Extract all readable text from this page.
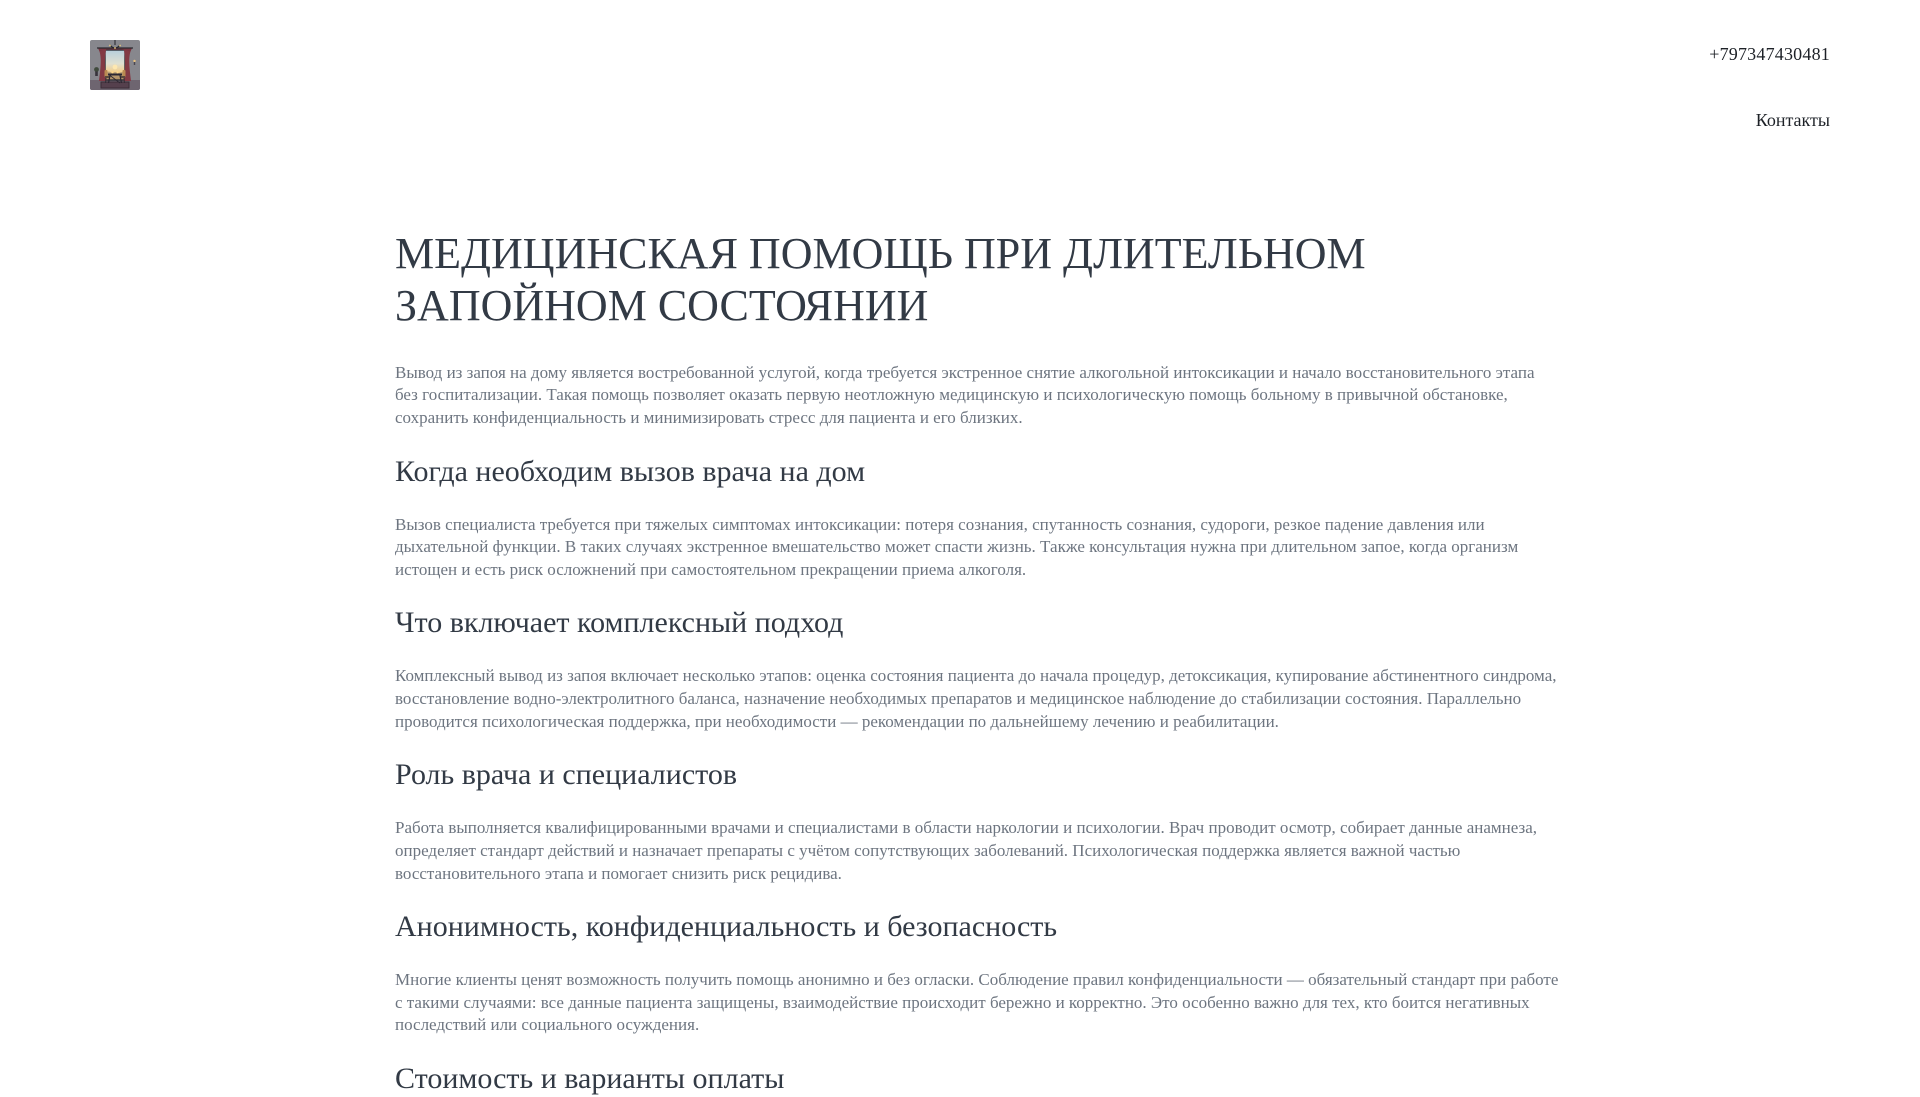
+797347430481
Контакты
МЕДИЦИНСКАЯ ПОМОЩЬ ПРИ ДЛИТЕЛЬНОМ ЗАПОЙНОМ СОСТОЯНИИ

Вывод из запоя на дому является востребованной услугой, когда требуется экстренное снятие алкогольной интоксикации и начало восстановительного этапа без госпитализации. Такая помощь позволяет оказать первую неотложную медицинскую и психологическую помощь больному в привычной обстановке, сохранить конфиденциальность и минимизировать стресс для пациента и его близких.

Когда необходим вызов врача на дом

Вызов специалиста требуется при тяжелых симптомах интоксикации: потеря сознания, спутанность сознания, судороги, резкое падение давления или дыхательной функции. В таких случаях экстренное вмешательство может спасти жизнь. Также консультация нужна при длительном запое, когда организм истощен и есть риск осложнений при самостоятельном прекращении приема алкоголя.

Что включает комплексный подход

Комплексный вывод из запоя включает несколько этапов: оценка состояния пациента до начала процедур, детоксикация, купирование абстинентного синдрома, восстановление водно-электролитного баланса, назначение необходимых препаратов и медицинское наблюдение до стабилизации состояния. Параллельно проводится психологическая поддержка, при необходимости — рекомендации по дальнейшему лечению и реабилитации.

Роль врача и специалистов

Работа выполняется квалифицированными врачами и специалистами в области наркологии и психологии. Врач проводит осмотр, собирает данные анамнеза, определяет стандарт действий и назначает препараты с учётом сопутствующих заболеваний. Психологическая поддержка является важной частью восстановительного этапа и помогает снизить риск рецидива.

Анонимность, конфиденциальность и безопасность

Многие клиенты ценят возможность получить помощь анонимно и без огласки. Соблюдение правил конфиденциальности — обязательный стандарт при работе с такими случаями: все данные пациента защищены, взаимодействие происходит бережно и корректно. Это особенно важно для тех, кто боится негативных последствий или социального осуждения.

Стоимость и варианты оплаты
